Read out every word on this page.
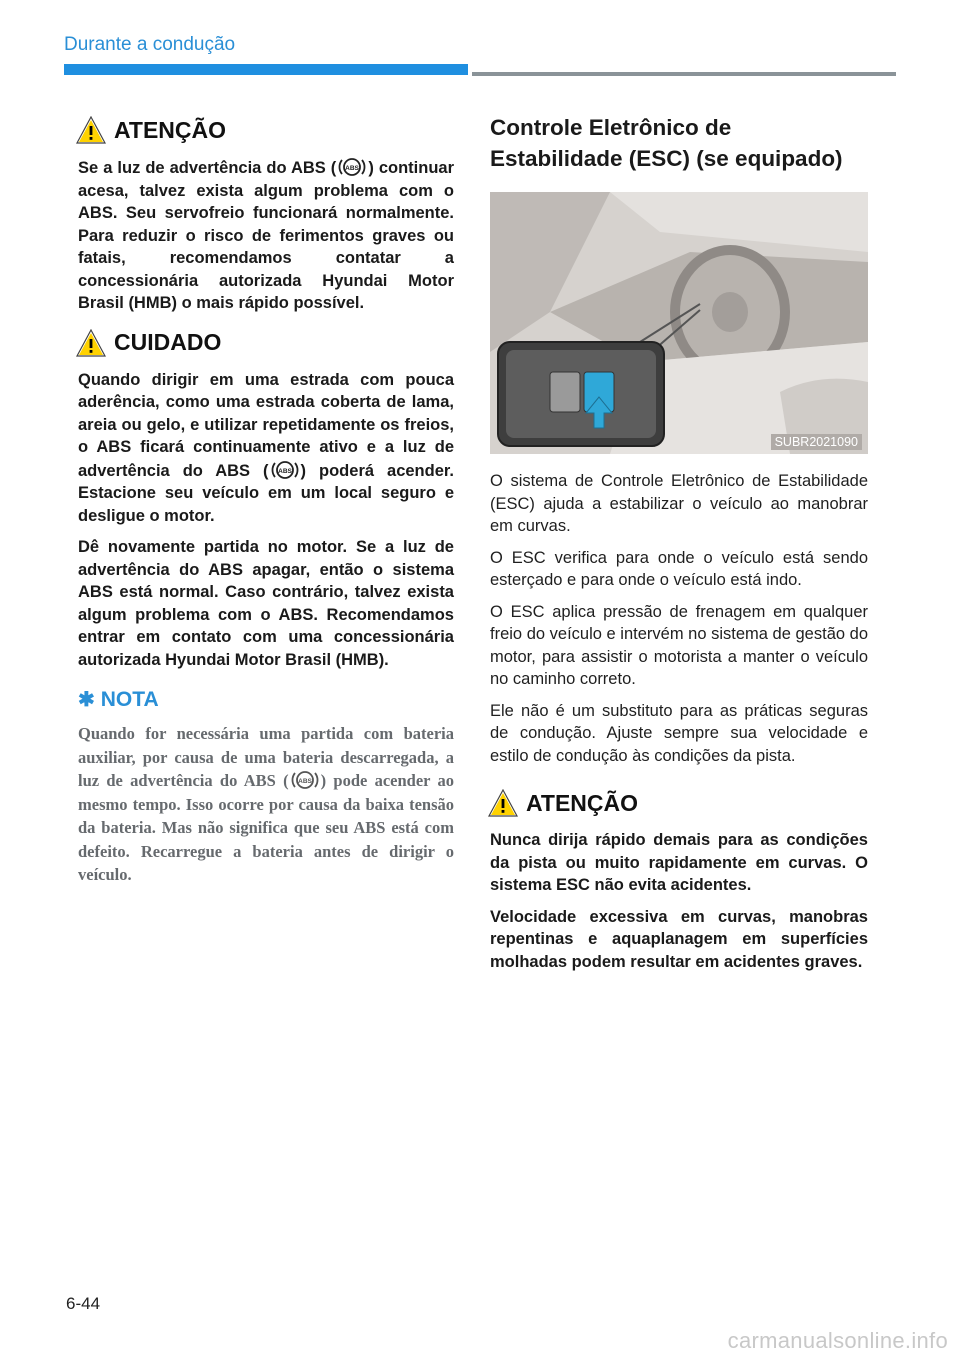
Durante a condução
ATENÇÃO

Se a luz de advertência do ABS ( ABS ) continuar acesa, talvez exista algum problema com o ABS. Seu servofreio funcionará normalmente. Para reduzir o risco de ferimentos graves ou fatais, recomendamos contatar a concessionária autorizada Hyundai Motor Brasil (HMB) o mais rápido possível.

CUIDADO

Quando dirigir em uma estrada com pouca aderência, como uma estrada coberta de lama, areia ou gelo, e utilizar repetidamente os freios, o ABS ficará continuamente ativo e a luz de advertência do ABS ( ABS ) poderá acender. Estacione seu veículo em um local seguro e desligue o motor.

Dê novamente partida no motor. Se a luz de advertência do ABS apagar, então o sistema ABS está normal. Caso contrário, talvez exista algum problema com o ABS. Recomendamos entrar em contato com uma concessionária autorizada Hyundai Motor Brasil (HMB).

✱ NOTA

Quando for necessária uma partida com bateria auxiliar, por causa de uma bateria descarregada, a luz de advertência do ABS ( ABS ) pode acender ao mesmo tempo. Isso ocorre por causa da baixa tensão da bateria. Mas não significa que seu ABS está com defeito. Recarregue a bateria antes de dirigir o veículo.

Controle Eletrônico de Estabilidade (ESC) (se equipado)
SUBR2021090

O sistema de Controle Eletrônico de Estabilidade (ESC) ajuda a estabilizar o veículo ao manobrar em curvas.

O ESC verifica para onde o veículo está sendo esterçado e para onde o veículo está indo.

O ESC aplica pressão de frenagem em qualquer freio do veículo e intervém no sistema de gestão do motor, para assistir o motorista a manter o veículo no caminho correto.

Ele não é um substituto para as práticas seguras de condução. Ajuste sempre sua velocidade e estilo de condução às condições da pista.

ATENÇÃO

Nunca dirija rápido demais para as condições da pista ou muito rapidamente em curvas. O sistema ESC não evita acidentes.

Velocidade excessiva em curvas, manobras repentinas e aquaplanagem em superfícies molhadas podem resultar em acidentes graves.

6-44
carmanualsonline.info
